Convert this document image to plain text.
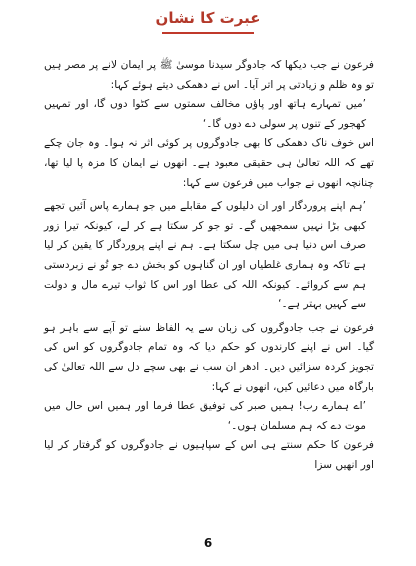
عبرت کا نشان

فرعون نے جب دیکھا کہ جادوگر سیدنا موسیٰ ﷺ پر ایمان لانے پر مصر ہیں تو وہ ظلم و زیادتی پر اتر آیا۔ اس نے دھمکی دیتے ہوئے کہا:

’میں تمہارے ہاتھ اور پاؤں مخالف سمتوں سے کٹوا دوں گا، اور تمہیں کھجور کے تنوں پر سولی دے دوں گا۔‘

اس خوف ناک دھمکی کا بھی جادوگروں پر کوئی اثر نہ ہوا۔ وہ جان چکے تھے کہ اللہ تعالیٰ ہی حقیقی معبود ہے۔ انھوں نے ایمان کا مزہ پا لیا تھا، چنانچہ انھوں نے جواب میں فرعون سے کہا:

’ہم اپنے پروردگار اور ان دلیلوں کے مقابلے میں جو ہمارے پاس آئیں تجھے کبھی بڑا نہیں سمجھیں گے۔ تو جو کر سکتا ہے کر لے، کیونکہ تیرا زور صرف اس دنیا ہی میں چل سکتا ہے۔ ہم نے اپنے پروردگار کا یقین کر لیا ہے تاکہ وہ ہماری غلطیاں اور ان گناہوں کو بخش دے جو تُو نے زبردستی ہم سے کروائے۔ کیونکہ اللہ کی عطا اور اس کا ثواب تیرے مال و دولت سے کہیں بہتر ہے۔‘

فرعون نے جب جادوگروں کی زبان سے یہ الفاظ سنے تو آپے سے باہر ہو گیا۔ اس نے اپنے کارندوں کو حکم دیا کہ وہ تمام جادوگروں کو اس کی تجویز کردہ سزائیں دیں۔ ادھر ان سب نے بھی سچے دل سے اللہ تعالیٰ کی بارگاہ میں دعائیں کیں، انھوں نے کہا:

’اے ہمارے رب! ہمیں صبر کی توفیق عطا فرما اور ہمیں اس حال میں موت دے کہ ہم مسلمان ہوں۔‘

فرعون کا حکم سنتے ہی اس کے سپاہیوں نے جادوگروں کو گرفتار کر لیا اور انھیں سزا

6
